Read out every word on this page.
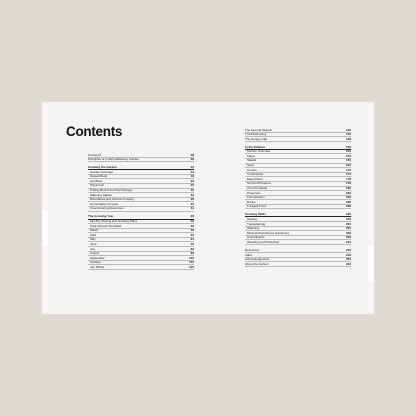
Contents
Foreword	08
Principles of a Self-Sufficiency Garden	09
Creating the Garden	12
Garden Overview	14
Raised Beds	18
Hot Beds	22
Polytunnel	26
Potting Bench and Tool Storage	30
Watering Station	32
Boundaries and Vertical Growing	36
Homemade Compost	40
Overwintering Resources	44
The Growing Year	48
Monthly Sowing and Growing Plans	50
Total Harvest Timetable	52
March	56
April	60
May	64
June	70
July	80
August	90
September	100
October	110
Into Winter	120
The Second Season	130
Troubleshooting	140
The Hungry Gap	148
In the Kitchen	150
Kitchen Overview	152
Flavor	154
Salads	160
Soup	164
Curries	170
Condiments	174
Easy Pastry	176
Sir-Fried Preserve	178
One-Pot Meals	180
Preserves	182
Fermentation	184
Drinks	186
Foraged Food	188
Growing Skills	190
Sowing	192
Transplanting	200
Watering	204
Minimal Disturbance Gardening	206
Amendments	208
Weeding and Protecting	212
Resources	216
Index	218
Acknowledgments	222
About the Authors	223
